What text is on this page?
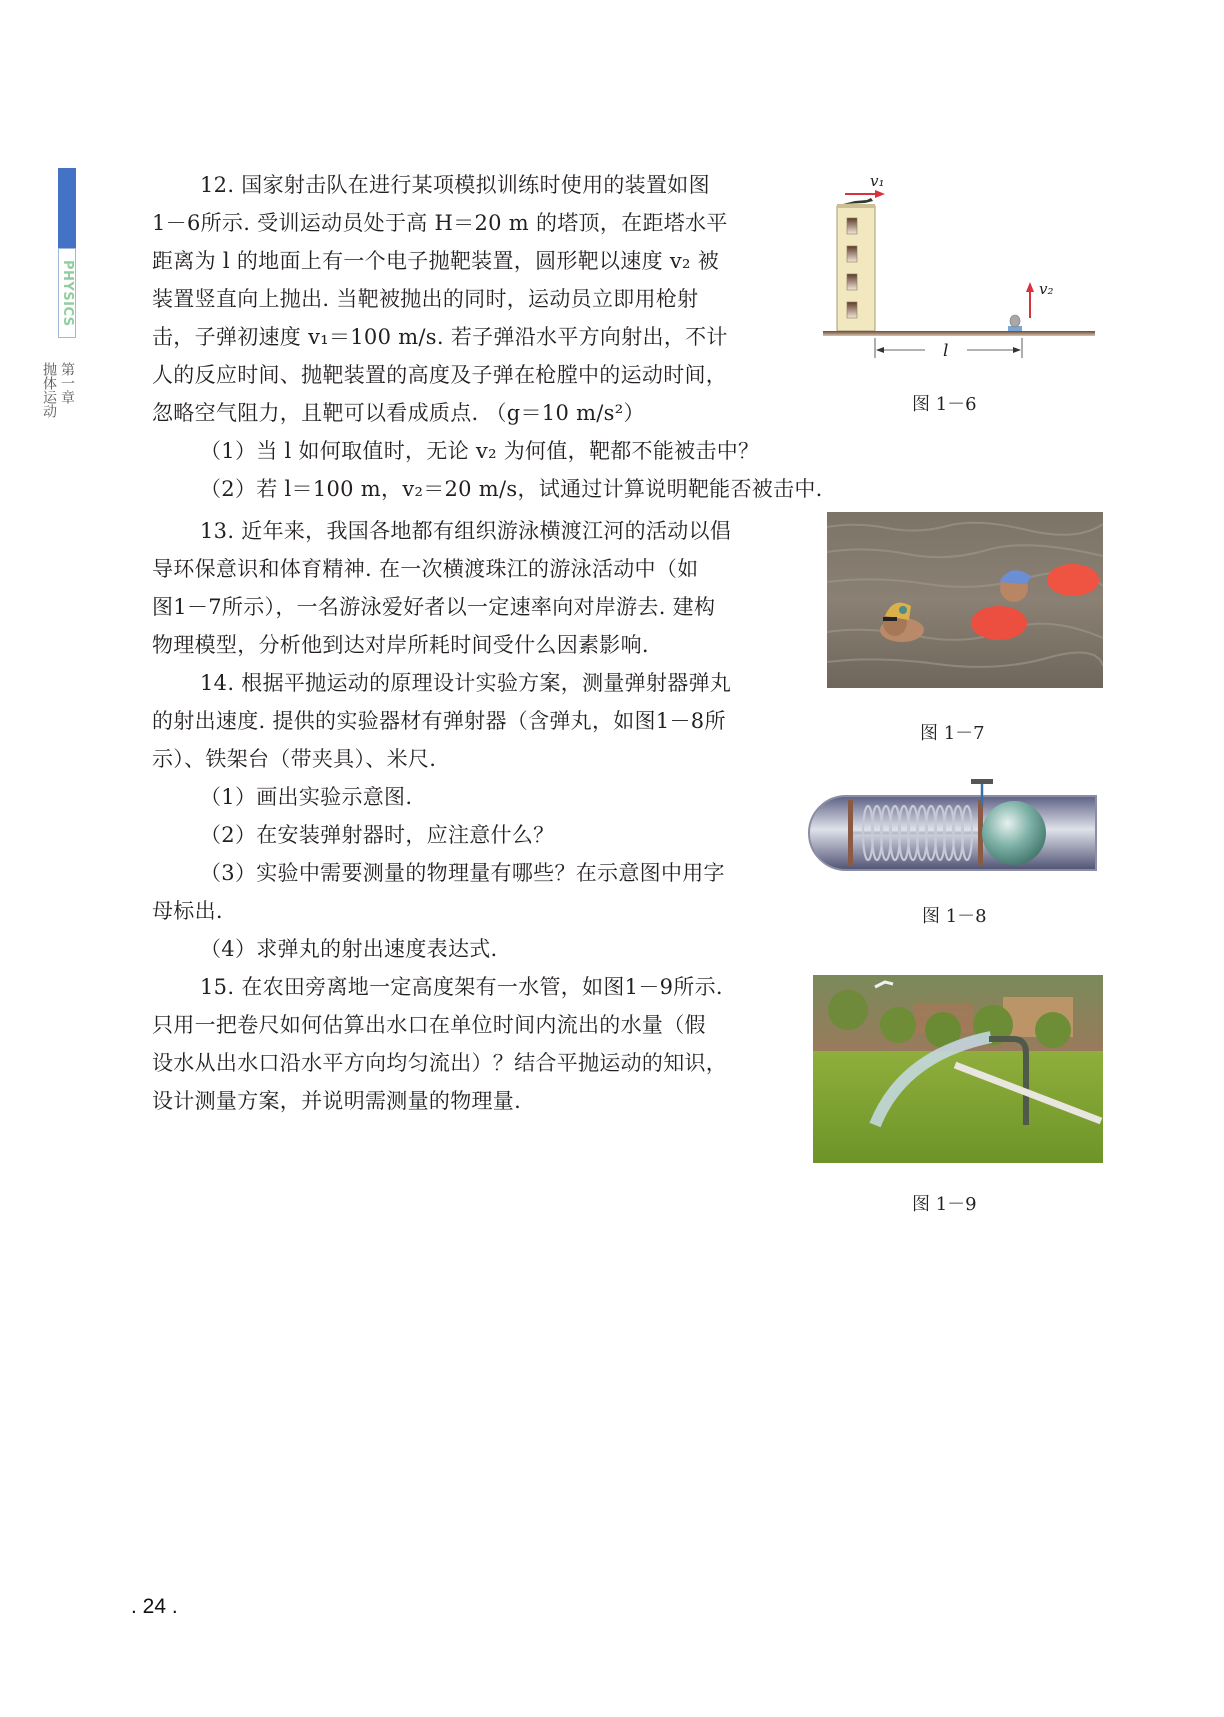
PHYSICS
第一章
抛体运动

12. 国家射击队在进行某项模拟训练时使用的装置如图

1－6所示. 受训运动员处于高 H＝20 m 的塔顶，在距塔水平

距离为 l 的地面上有一个电子抛靶装置，圆形靶以速度 v₂ 被

装置竖直向上抛出. 当靶被抛出的同时，运动员立即用枪射

击，子弹初速度 v₁＝100 m/s. 若子弹沿水平方向射出，不计

人的反应时间、抛靶装置的高度及子弹在枪膛中的运动时间，

忽略空气阻力，且靶可以看成质点. （g＝10 m/s²）

（1）当 l 如何取值时，无论 v₂ 为何值，靶都不能被击中？

（2）若 l＝100 m，v₂＝20 m/s，试通过计算说明靶能否被击中.

13. 近年来，我国各地都有组织游泳横渡江河的活动以倡

导环保意识和体育精神. 在一次横渡珠江的游泳活动中（如

图1－7所示），一名游泳爱好者以一定速率向对岸游去. 建构

物理模型，分析他到达对岸所耗时间受什么因素影响.

14. 根据平抛运动的原理设计实验方案，测量弹射器弹丸

的射出速度. 提供的实验器材有弹射器（含弹丸，如图1－8所

示）、铁架台（带夹具）、米尺.

（1）画出实验示意图.

（2）在安装弹射器时，应注意什么？

（3）实验中需要测量的物理量有哪些？在示意图中用字

母标出.

（4）求弹丸的射出速度表达式.

15. 在农田旁离地一定高度架有一水管，如图1－9所示.

只用一把卷尺如何估算出水口在单位时间内流出的水量（假

设水从出水口沿水平方向均匀流出）？结合平抛运动的知识，

设计测量方案，并说明需测量的物理量.

v₁
v₂
l
图 1－6
图 1－7
图 1－8
图 1－9
. 24 .
